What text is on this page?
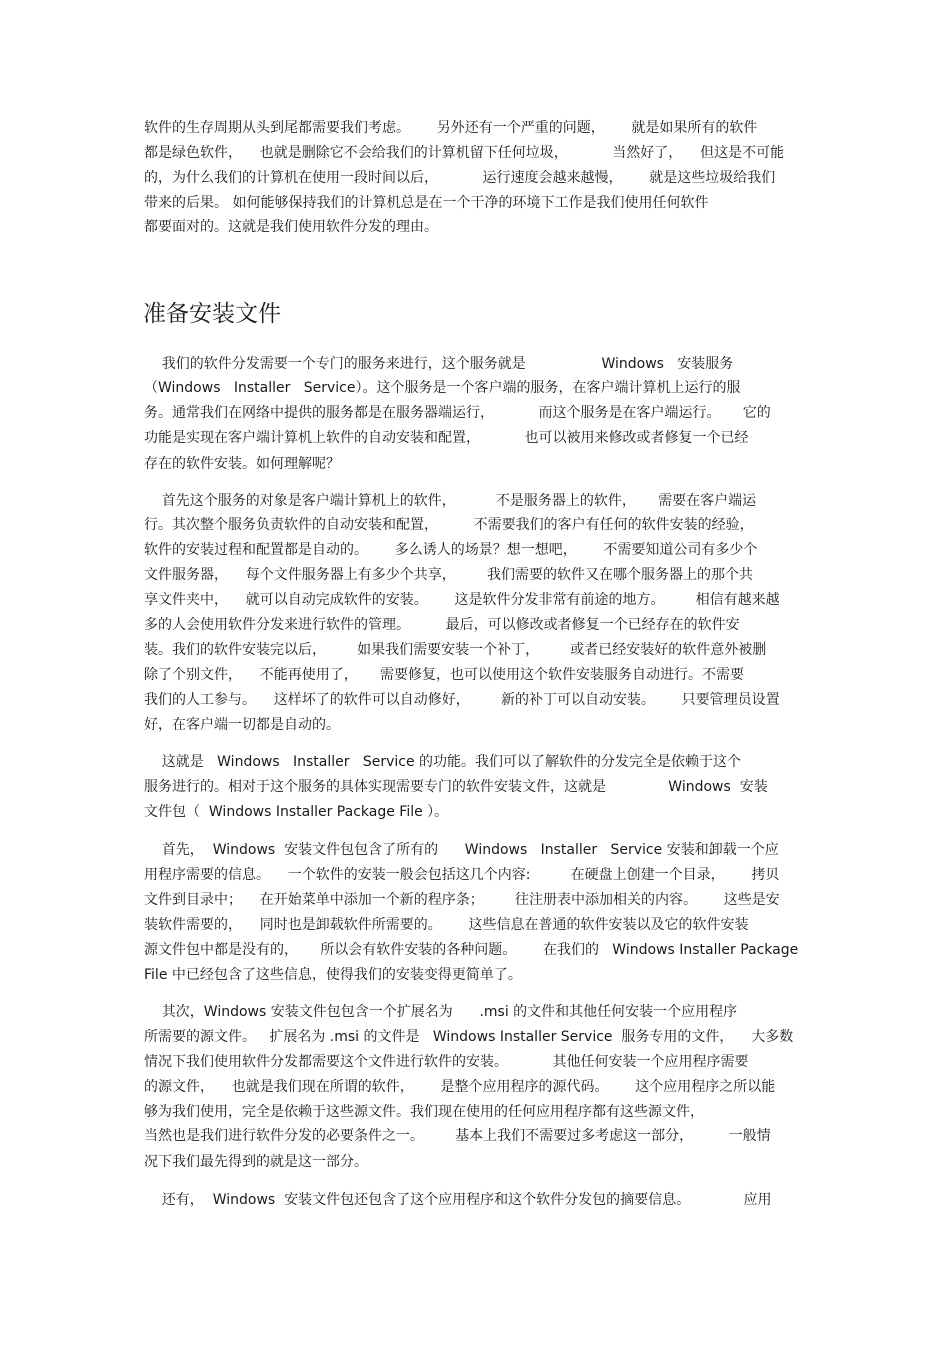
软件的生存周期从头到尾都需要我们考虑。      另外还有一个严重的问题，      就是如果所有的软件
都是绿色软件，    也就是删除它不会给我们的计算机留下任何垃圾，          当然好了，    但这是不可能
的，为什么我们的计算机在使用一段时间以后，          运行速度会越来越慢，      就是这些垃圾给我们
带来的后果。 如何能够保持我们的计算机总是在一个干净的环境下工作是我们使用任何软件
都要面对的。这就是我们使用软件分发的理由。
准备安装文件
我们的软件分发需要一个专门的服务来进行，这个服务就是                 Windows   安装服务
（Windows   Installer   Service）。这个服务是一个客户端的服务，在客户端计算机上运行的服
务。通常我们在网络中提供的服务都是在服务器端运行，          而这个服务是在客户端运行。     它的
功能是实现在客户端计算机上软件的自动安装和配置，          也可以被用来修改或者修复一个已经
存在的软件安装。如何理解呢？
首先这个服务的对象是客户端计算机上的软件，         不是服务器上的软件，     需要在客户端运
行。其次整个服务负责软件的自动安装和配置，        不需要我们的客户有任何的软件安装的经验，
软件的安装过程和配置都是自动的。      多么诱人的场景？想一想吧，      不需要知道公司有多少个
文件服务器，    每个文件服务器上有多少个共享，       我们需要的软件又在哪个服务器上的那个共
享文件夹中，    就可以自动完成软件的安装。      这是软件分发非常有前途的地方。       相信有越来越
多的人会使用软件分发来进行软件的管理。        最后，可以修改或者修复一个已经存在的软件安
装。我们的软件安装完以后，       如果我们需要安装一个补丁，       或者已经安装好的软件意外被删
除了个别文件，    不能再使用了，     需要修复，也可以使用这个软件安装服务自动进行。不需要
我们的人工参与。    这样坏了的软件可以自动修好，       新的补丁可以自动安装。      只要管理员设置
好，在客户端一切都是自动的。
这就是   Windows   Installer   Service 的功能。我们可以了解软件的分发完全是依赖于这个
服务进行的。相对于这个服务的具体实现需要专门的软件安装文件，这就是              Windows  安装
文件包（  Windows Installer Package File ）。
首先，  Windows  安装文件包包含了所有的      Windows   Installer   Service 安装和卸载一个应
用程序需要的信息。    一个软件的安装一般会包括这几个内容:         在硬盘上创建一个目录，      拷贝
文件到目录中；    在开始菜单中添加一个新的程序条；       往注册表中添加相关的内容。      这些是安
装软件需要的，    同时也是卸载软件所需要的。      这些信息在普通的软件安装以及它的软件安装
源文件包中都是没有的，     所以会有软件安装的各种问题。      在我们的   Windows Installer Package
File 中已经包含了这些信息，使得我们的安装变得更简单了。
其次，Windows 安装文件包包含一个扩展名为      .msi 的文件和其他任何安装一个应用程序
所需要的源文件。   扩展名为 .msi 的文件是   Windows Installer Service  服务专用的文件，    大多数
情况下我们使用软件分发都需要这个文件进行软件的安装。          其他任何安装一个应用程序需要
的源文件，    也就是我们现在所谓的软件，      是整个应用程序的源代码。      这个应用程序之所以能
够为我们使用，完全是依赖于这些源文件。我们现在使用的任何应用程序都有这些源文件，
当然也是我们进行软件分发的必要条件之一。       基本上我们不需要过多考虑这一部分，        一般情
况下我们最先得到的就是这一部分。
还有，  Windows  安装文件包还包含了这个应用程序和这个软件分发包的摘要信息。            应用
